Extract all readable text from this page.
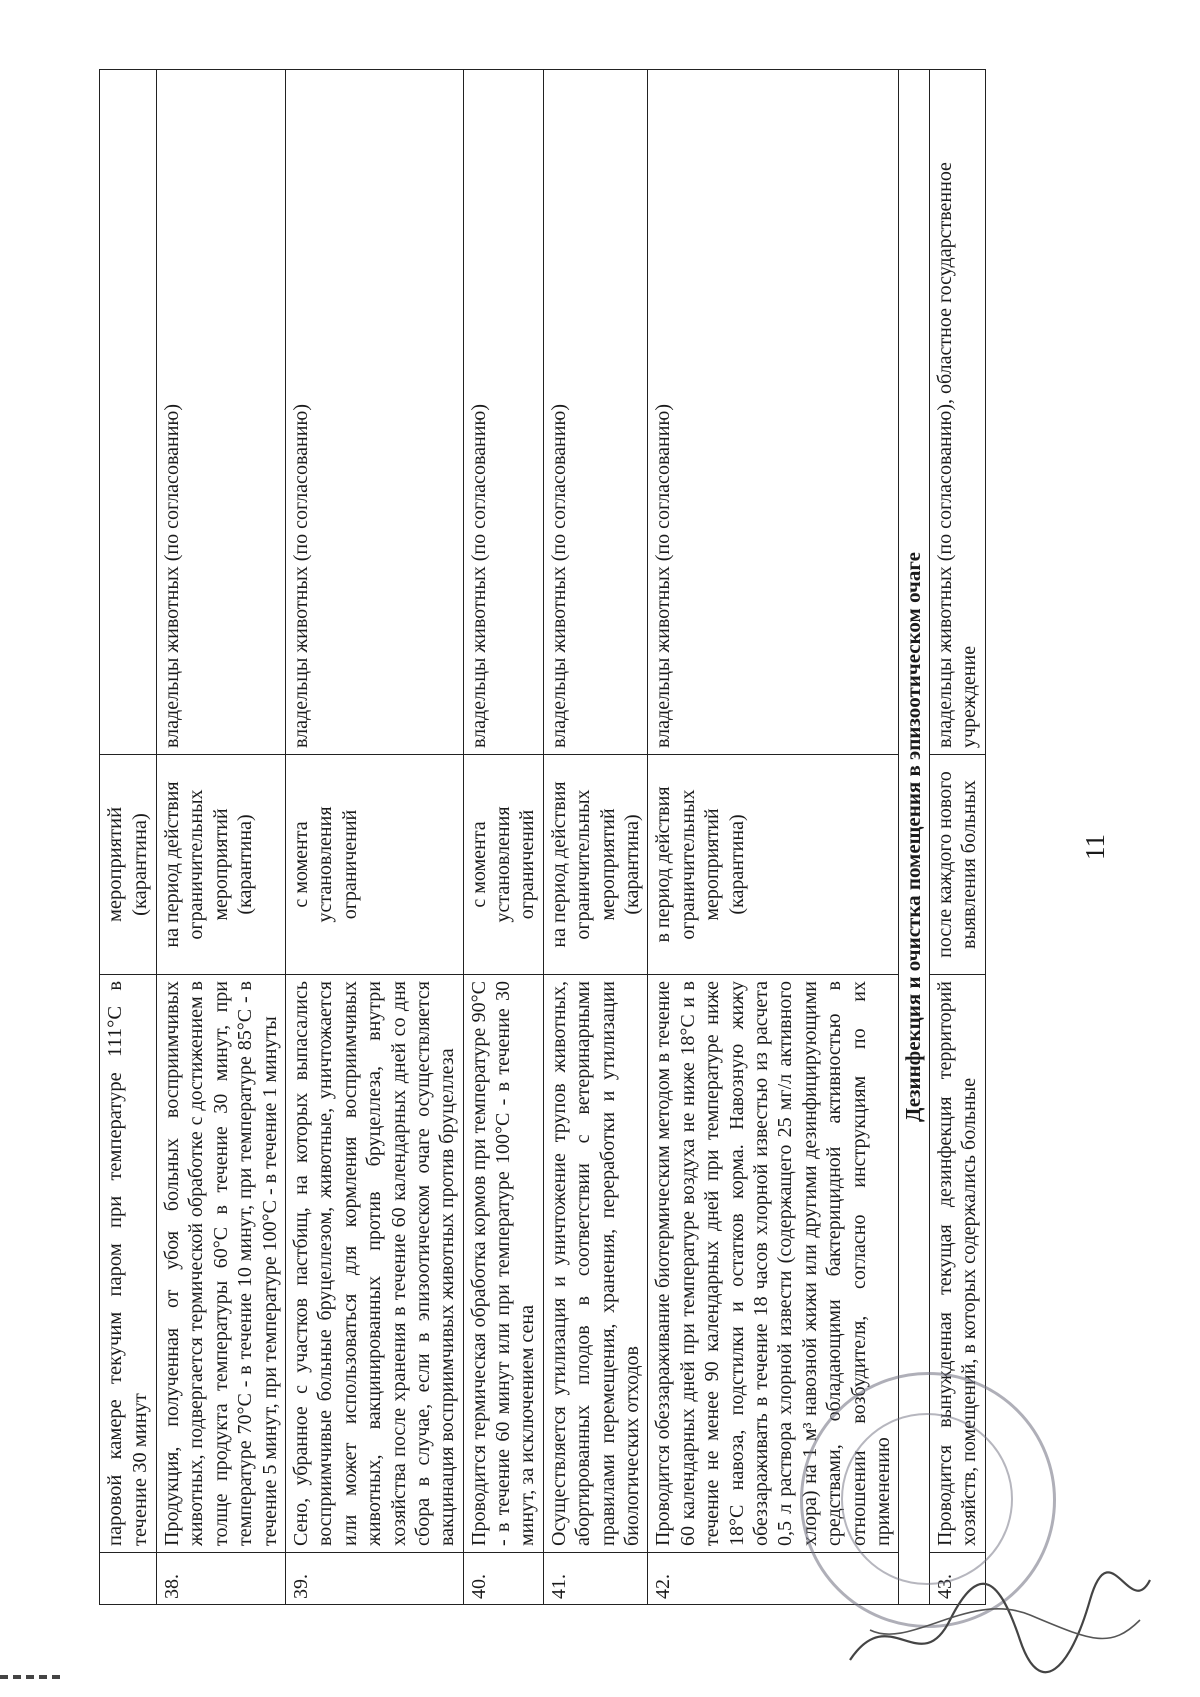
11
	паровой камере текучим паром при температуре 111°С в течение 30 минут	мероприятий (карантина)	
38.	Продукция, полученная от убоя больных восприимчивых животных, подвергается термической обработке с достижением в толще продукта температуры 60°С в течение 30 минут, при температуре 70°С - в течение 10 минут, при температуре 85°С - в течение 5 минут, при температуре 100°С - в течение 1 минуты	на период действия ограничительных мероприятий (карантина)	владельцы животных (по согласованию)
39.	Сено, убранное с участков пастбищ, на которых выпасались восприимчивые больные бруцеллезом, животные, уничтожается или может использоваться для кормления восприимчивых животных, вакцинированных против бруцеллеза, внутри хозяйства после хранения в течение 60 календарных дней со дня сбора в случае, если в эпизоотическом очаге осуществляется вакцинация восприимчивых животных против бруцеллеза	с момента установления ограничений	владельцы животных (по согласованию)
40.	Проводится термическая обработка кормов при температуре 90°С - в течение 60 минут или при температуре 100°С - в течение 30 минут, за исключением сена	с момента установления ограничений	владельцы животных (по согласованию)
41.	Осуществляется утилизация и уничтожение трупов животных, абортированных плодов в соответствии с ветеринарными правилами перемещения, хранения, переработки и утилизации биологических отходов	на период действия ограничительных мероприятий (карантина)	владельцы животных (по согласованию)
42.	Проводится обеззараживание биотермическим методом в течение 60 календарных дней при температуре воздуха не ниже 18°С и в течение не менее 90 календарных дней при температуре ниже 18°С навоза, подстилки и остатков корма. Навозную жижу обеззараживать в течение 18 часов хлорной известью из расчета 0,5 л раствора хлорной извести (содержащего 25 мг/л активного хлора) на 1 м³ навозной жижи или другими дезинфицирующими средствами, обладающими бактерицидной активностью в отношении возбудителя, согласно инструкциям по их применению	в период действия ограничительных мероприятий (карантина)	владельцы животных (по согласованию)
Дезинфекция и очистка помещения в эпизоотическом очаге			
43.	Проводится вынужденная текущая дезинфекция территорий хозяйств, помещений, в которых содержались больные	после каждого нового выявления больных	владельцы животных (по согласованию), областное государственное учреждение
